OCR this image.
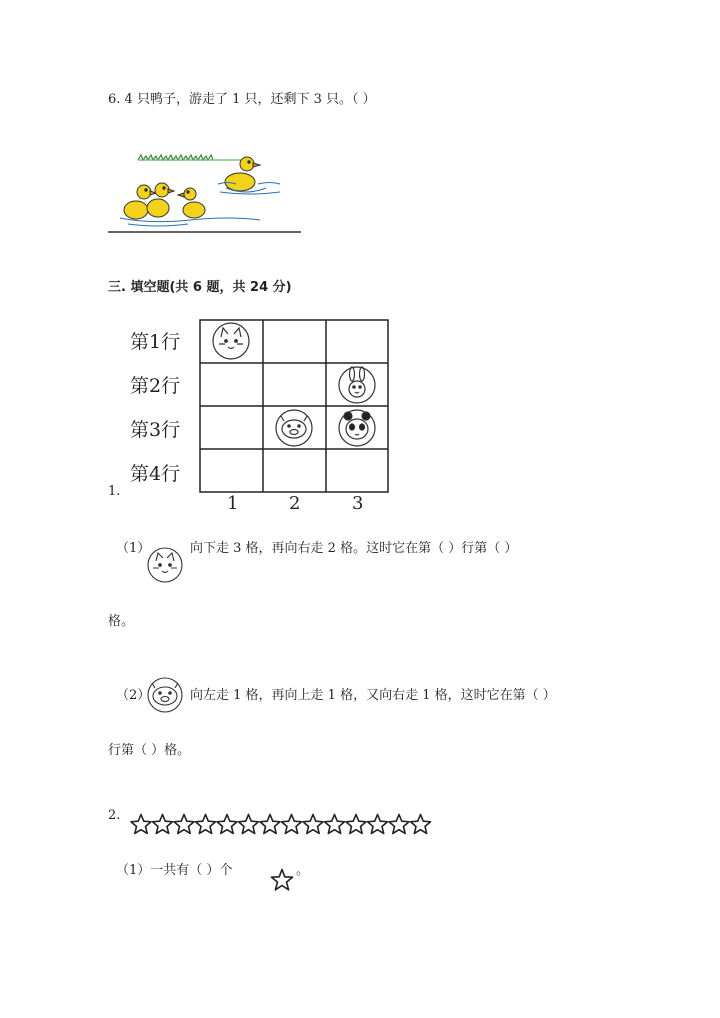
6. 4 只鸭子，游走了 1 只，还剩下 3 只。（ ）
三. 填空题(共 6 题，共 24 分)
第1行
第2行
第3行
第4行
1	2	3
1.
（1）	向下走 3 格，再向右走 2 格。这时它在第（ ）行第（ ）
格。
（2）	向左走 1 格，再向上走 1 格，又向右走 1 格，这时它在第（ ）
行第（ ）格。
2.
（1）一共有（ ）个	。
